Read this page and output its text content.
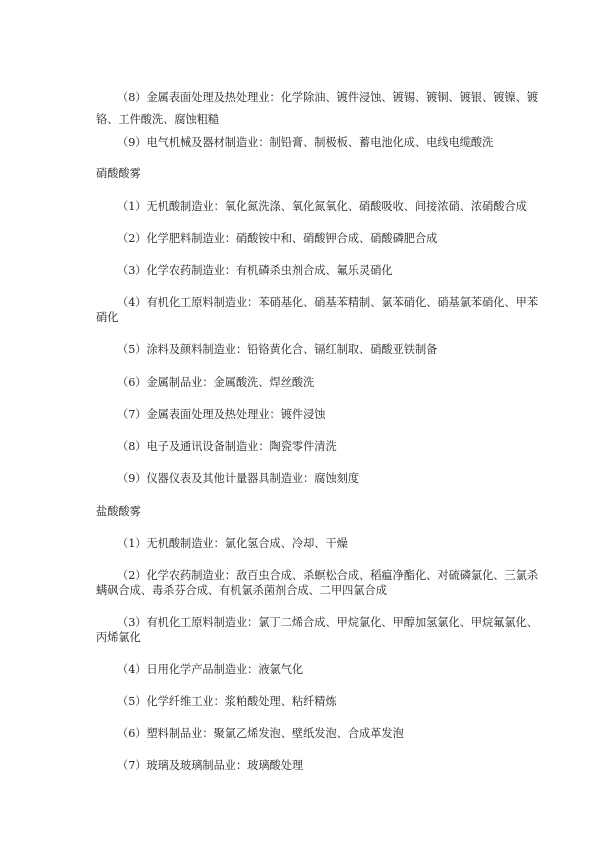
（8）金属表面处理及热处理业：化学除油、镀件浸蚀、镀锡、镀铜、镀银、镀镍、镀
铬、工件酸洗、腐蚀粗糙
（9）电气机械及器材制造业：制铅膏、制极板、蓄电池化成、电线电缆酸洗
硝酸酸雾
（1）无机酸制造业：氧化氮洗涤、氧化氮氧化、硝酸吸收、间接浓硝、浓硝酸合成
（2）化学肥料制造业：硝酸铵中和、硝酸钾合成、硝酸磷肥合成
（3）化学农药制造业：有机磷杀虫剂合成、氟乐灵硝化
（4）有机化工原料制造业：苯硝基化、硝基苯精制、氯苯硝化、硝基氯苯硝化、甲苯
硝化
（5）涂料及颜料制造业：铅铬黄化合、镉红制取、硝酸亚铁制备
（6）金属制品业：金属酸洗、焊丝酸洗
（7）金属表面处理及热处理业：镀件浸蚀
（8）电子及通讯设备制造业：陶瓷零件清洗
（9）仪器仪表及其他计量器具制造业：腐蚀刻度
盐酸酸雾
（1）无机酸制造业：氯化氢合成、冷却、干燥
（2）化学农药制造业：敌百虫合成、杀螟松合成、稻瘟净酯化、对硫磷氯化、三氯杀
螨砜合成、毒杀芬合成、有机氯杀菌剂合成、二甲四氯合成
（3）有机化工原料制造业：氯丁二烯合成、甲烷氯化、甲醇加氢氯化、甲烷氟氯化、
丙烯氯化
（4）日用化学产品制造业：液氯气化
（5）化学纤维工业：浆粕酸处理、粘纤精炼
（6）塑料制品业：聚氯乙烯发泡、壁纸发泡、合成革发泡
（7）玻璃及玻璃制品业：玻璃酸处理
